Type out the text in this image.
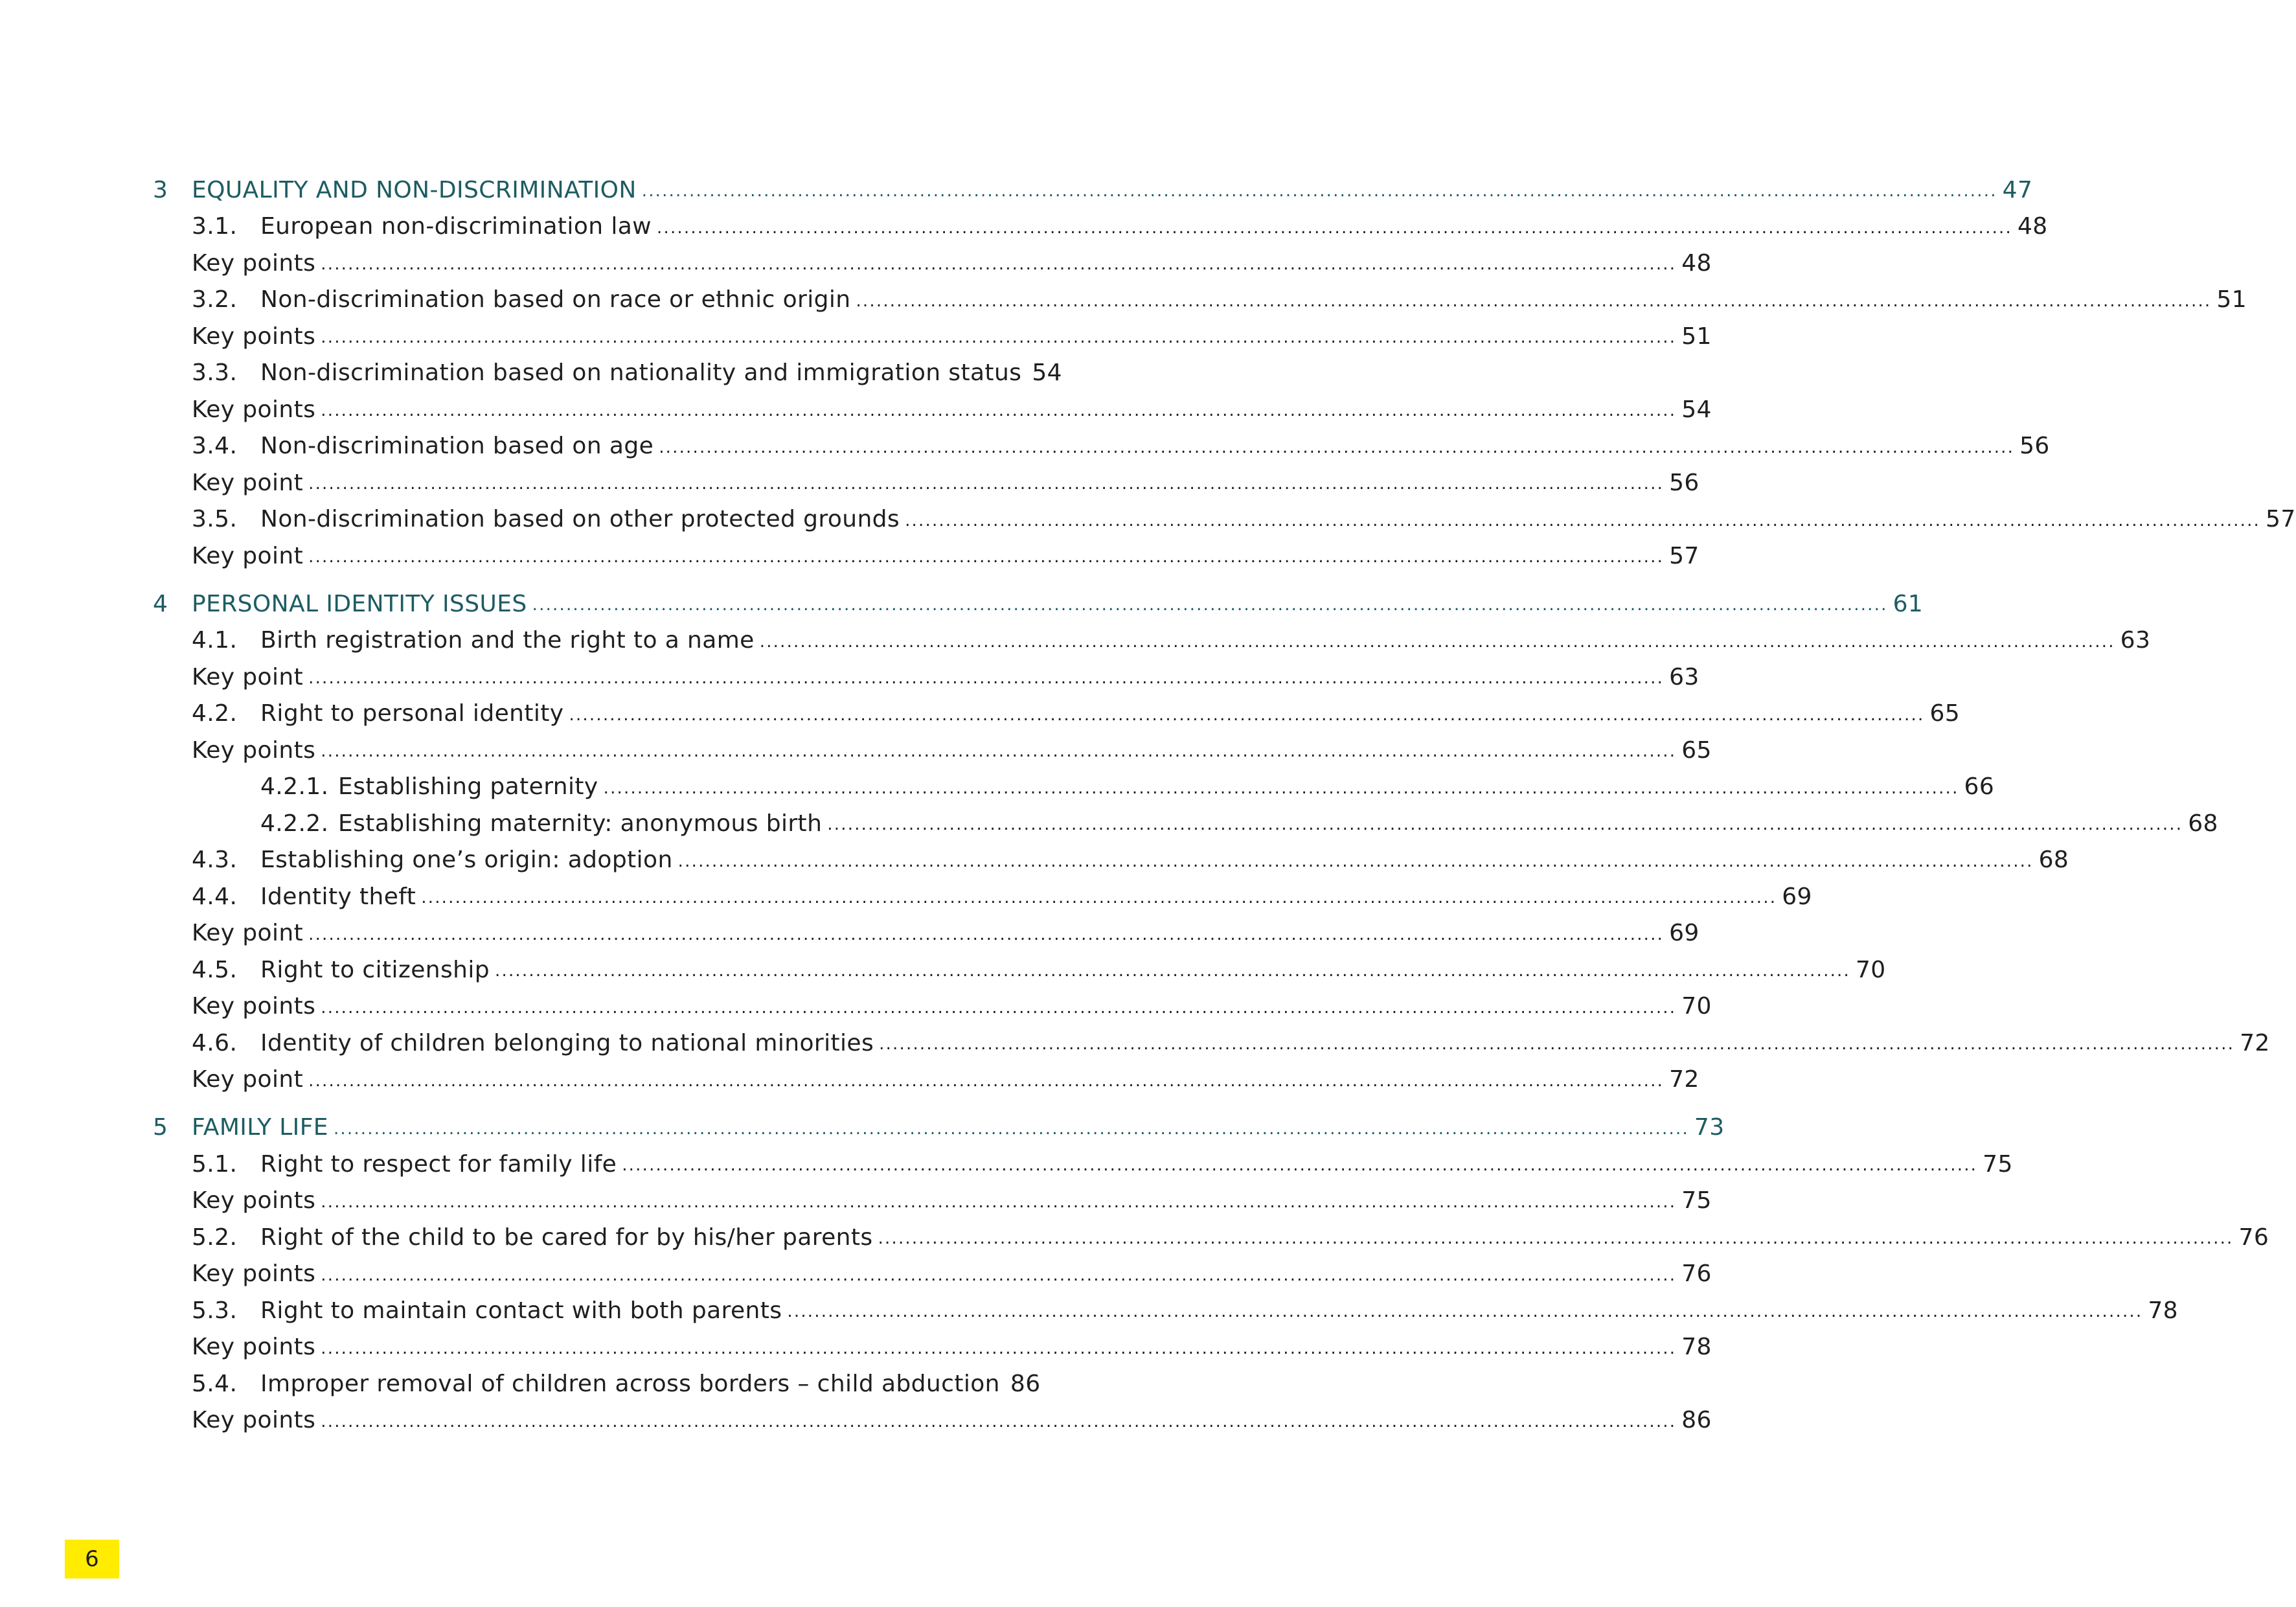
3 EQUALITY AND NON-DISCRIMINATION ........................................................................................................................................................................................................ 47
3.1. European non-discrimination law ........................................................................................................................................................................................................ 48
Key points ........................................................................................................................................................................................................ 48
3.2. Non-discrimination based on race or ethnic origin ........................................................................................................................................................................................................ 51
Key points ........................................................................................................................................................................................................ 51
3.3. Non-discrimination based on nationality and immigration status 54
Key points ........................................................................................................................................................................................................ 54
3.4. Non-discrimination based on age ........................................................................................................................................................................................................ 56
Key point ........................................................................................................................................................................................................ 56
3.5. Non-discrimination based on other protected grounds ........................................................................................................................................................................................................ 57
Key point ........................................................................................................................................................................................................ 57
4 PERSONAL IDENTITY ISSUES ........................................................................................................................................................................................................ 61
4.1. Birth registration and the right to a name ........................................................................................................................................................................................................ 63
Key point ........................................................................................................................................................................................................ 63
4.2. Right to personal identity ........................................................................................................................................................................................................ 65
Key points ........................................................................................................................................................................................................ 65
4.2.1. Establishing paternity ........................................................................................................................................................................................................ 66
4.2.2. Establishing maternity: anonymous birth ........................................................................................................................................................................................................ 68
4.3. Establishing one’s origin: adoption ........................................................................................................................................................................................................ 68
4.4. Identity theft ........................................................................................................................................................................................................ 69
Key point ........................................................................................................................................................................................................ 69
4.5. Right to citizenship ........................................................................................................................................................................................................ 70
Key points ........................................................................................................................................................................................................ 70
4.6. Identity of children belonging to national minorities ........................................................................................................................................................................................................ 72
Key point ........................................................................................................................................................................................................ 72
5 FAMILY LIFE ........................................................................................................................................................................................................ 73
5.1. Right to respect for family life ........................................................................................................................................................................................................ 75
Key points ........................................................................................................................................................................................................ 75
5.2. Right of the child to be cared for by his/her parents ........................................................................................................................................................................................................ 76
Key points ........................................................................................................................................................................................................ 76
5.3. Right to maintain contact with both parents ........................................................................................................................................................................................................ 78
Key points ........................................................................................................................................................................................................ 78
5.4. Improper removal of children across borders – child abduction 86
Key points ........................................................................................................................................................................................................ 86
6
